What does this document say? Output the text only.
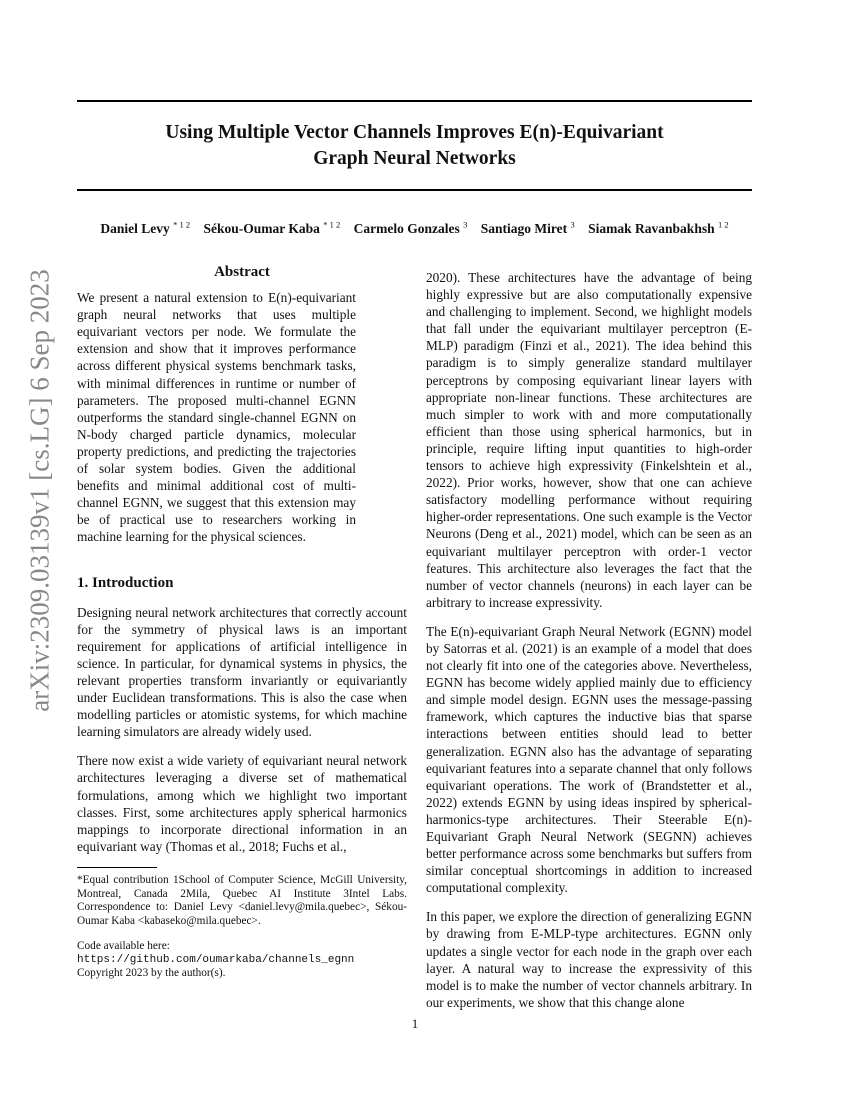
arXiv:2309.03139v1 [cs.LG] 6 Sep 2023
Using Multiple Vector Channels Improves E(n)-Equivariant
Graph Neural Networks
Daniel Levy $^{* 1 2}$ Sékou-Oumar Kaba $^{* 1 2}$ Carmelo Gonzales $^3$ Santiago Miret $^3$ Siamak Ravanbakhsh $^{1 2}$
Abstract

We present a natural extension to E(n)-equivariant graph neural networks that uses multiple equivariant vectors per node. We formulate the extension and show that it improves performance across different physical systems benchmark tasks, with minimal differences in runtime or number of parameters. The proposed multi-channel EGNN outperforms the standard single-channel EGNN on N-body charged particle dynamics, molecular property predictions, and predicting the trajectories of solar system bodies. Given the additional benefits and minimal additional cost of multi-channel EGNN, we suggest that this extension may be of practical use to researchers working in machine learning for the physical sciences.

1. Introduction

Designing neural network architectures that correctly account for the symmetry of physical laws is an important requirement for applications of artificial intelligence in science. In particular, for dynamical systems in physics, the relevant properties transform invariantly or equivariantly under Euclidean transformations. This is also the case when modelling particles or atomistic systems, for which machine learning simulators are already widely used.

There now exist a wide variety of equivariant neural network architectures leveraging a diverse set of mathematical formulations, among which we highlight two important classes. First, some architectures apply spherical harmonics mappings to incorporate directional information in an equivariant way (Thomas et al., 2018; Fuchs et al.,

*Equal contribution 1School of Computer Science, McGill University, Montreal, Canada 2Mila, Quebec AI Institute 3Intel Labs. Correspondence to: Daniel Levy <daniel.levy@mila.quebec>, Sékou-Oumar Kaba <kabaseko@mila.quebec>.

Code available here:
https://github.com/oumarkaba/channels_egnn
Copyright 2023 by the author(s).

2020). These architectures have the advantage of being highly expressive but are also computationally expensive and challenging to implement. Second, we highlight models that fall under the equivariant multilayer perceptron (E-MLP) paradigm (Finzi et al., 2021). The idea behind this paradigm is to simply generalize standard multilayer perceptrons by composing equivariant linear layers with appropriate non-linear functions. These architectures are much simpler to work with and more computationally efficient than those using spherical harmonics, but in principle, require lifting input quantities to high-order tensors to achieve high expressivity (Finkelshtein et al., 2022). Prior works, however, show that one can achieve satisfactory modelling performance without requiring higher-order representations. One such example is the Vector Neurons (Deng et al., 2021) model, which can be seen as an equivariant multilayer perceptron with order-1 vector features. This architecture also leverages the fact that the number of vector channels (neurons) in each layer can be arbitrary to increase expressivity.

The E(n)-equivariant Graph Neural Network (EGNN) model by Satorras et al. (2021) is an example of a model that does not clearly fit into one of the categories above. Nevertheless, EGNN has become widely applied mainly due to efficiency and simple model design. EGNN uses the message-passing framework, which captures the inductive bias that sparse interactions between entities should lead to better generalization. EGNN also has the advantage of separating equivariant features into a separate channel that only follows equivariant operations. The work of (Brandstetter et al., 2022) extends EGNN by using ideas inspired by spherical-harmonics-type architectures. Their Steerable E(n)-Equivariant Graph Neural Network (SEGNN) achieves better performance across some benchmarks but suffers from similar conceptual shortcomings in addition to increased computational complexity.

In this paper, we explore the direction of generalizing EGNN by drawing from E-MLP-type architectures. EGNN only updates a single vector for each node in the graph over each layer. A natural way to increase the expressivity of this model is to make the number of vector channels arbitrary. In our experiments, we show that this change alone

1
